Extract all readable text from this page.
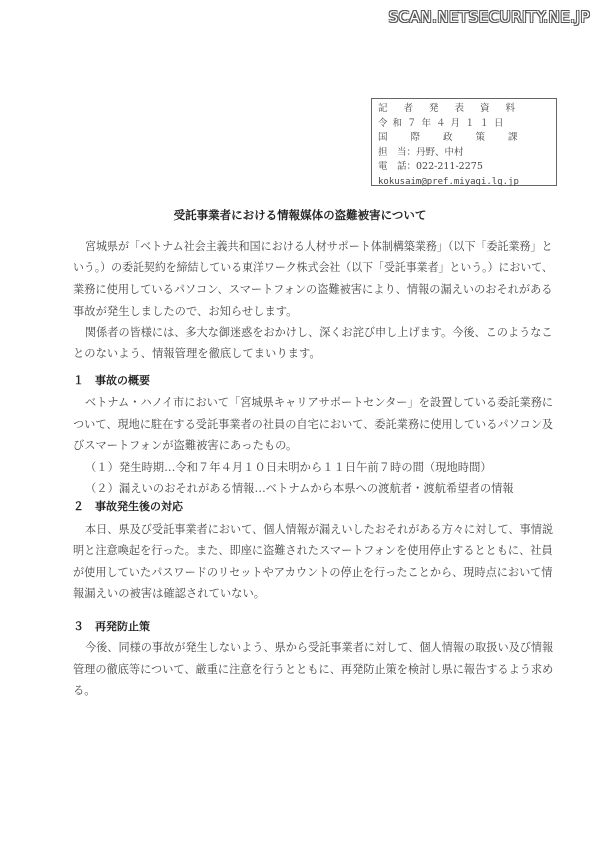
SCAN.NETSECURITY.NE.JP
記者発表資料
令和７年４月１１日
国際政策課
担　当：丹野、中村
電　話：022-211-2275
kokusaim@pref.miyagi.lg.jp
受託事業者における情報媒体の盗難被害について
宮城県が「ベトナム社会主義共和国における人材サポート体制構築業務」（以下「委託業務」と
いう。）の委託契約を締結している東洋ワーク株式会社（以下「受託事業者」という。）において、
業務に使用しているパソコン、スマートフォンの盗難被害により、情報の漏えいのおそれがある
事故が発生しましたので、お知らせします。
関係者の皆様には、多大な御迷惑をおかけし、深くお詫び申し上げます。今後、このようなこ
とのないよう、情報管理を徹底してまいります。
１　事故の概要
ベトナム・ハノイ市において「宮城県キャリアサポートセンター」を設置している委託業務に
ついて、現地に駐在する受託事業者の社員の自宅において、委託業務に使用しているパソコン及
びスマートフォンが盗難被害にあったもの。
（１）発生時期…令和７年４月１０日未明から１１日午前７時の間（現地時間）
（２）漏えいのおそれがある情報…ベトナムから本県への渡航者・渡航希望者の情報
２　事故発生後の対応
本日、県及び受託事業者において、個人情報が漏えいしたおそれがある方々に対して、事情説
明と注意喚起を行った。また、即座に盗難されたスマートフォンを使用停止するとともに、社員
が使用していたパスワードのリセットやアカウントの停止を行ったことから、現時点において情
報漏えいの被害は確認されていない。
３　再発防止策
今後、同様の事故が発生しないよう、県から受託事業者に対して、個人情報の取扱い及び情報
管理の徹底等について、厳重に注意を行うとともに、再発防止策を検討し県に報告するよう求め
る。
